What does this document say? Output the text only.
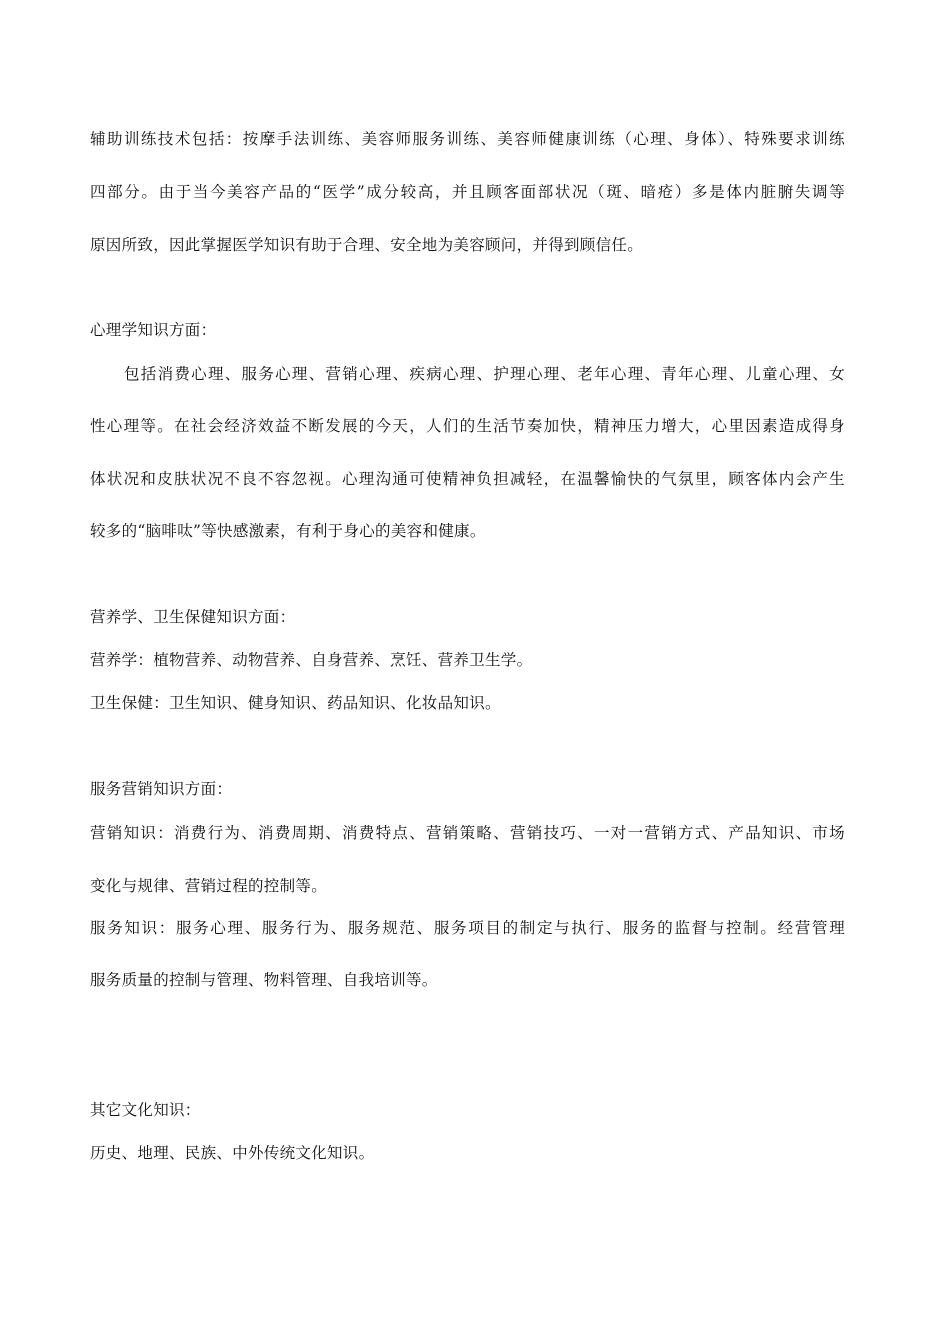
辅助训练技术包括：按摩手法训练、美容师服务训练、美容师健康训练（心理、身体）、特殊要求训练
四部分。由于当今美容产品的“医学”成分较高，并且顾客面部状况（斑、暗疮）多是体内脏腑失调等
原因所致，因此掌握医学知识有助于合理、安全地为美容顾问，并得到顾信任。
心理学知识方面：
包括消费心理、服务心理、营销心理、疾病心理、护理心理、老年心理、青年心理、儿童心理、女
性心理等。在社会经济效益不断发展的今天，人们的生活节奏加快，精神压力增大，心里因素造成得身
体状况和皮肤状况不良不容忽视。心理沟通可使精神负担减轻，在温馨愉快的气氛里，顾客体内会产生
较多的“脑啡呔”等快感激素，有利于身心的美容和健康。
营养学、卫生保健知识方面：
营养学：植物营养、动物营养、自身营养、烹饪、营养卫生学。
卫生保健：卫生知识、健身知识、药品知识、化妆品知识。
服务营销知识方面：
营销知识：消费行为、消费周期、消费特点、营销策略、营销技巧、一对一营销方式、产品知识、市场
变化与规律、营销过程的控制等。
服务知识：服务心理、服务行为、服务规范、服务项目的制定与执行、服务的监督与控制。经营管理
服务质量的控制与管理、物料管理、自我培训等。
其它文化知识：
历史、地理、民族、中外传统文化知识。
